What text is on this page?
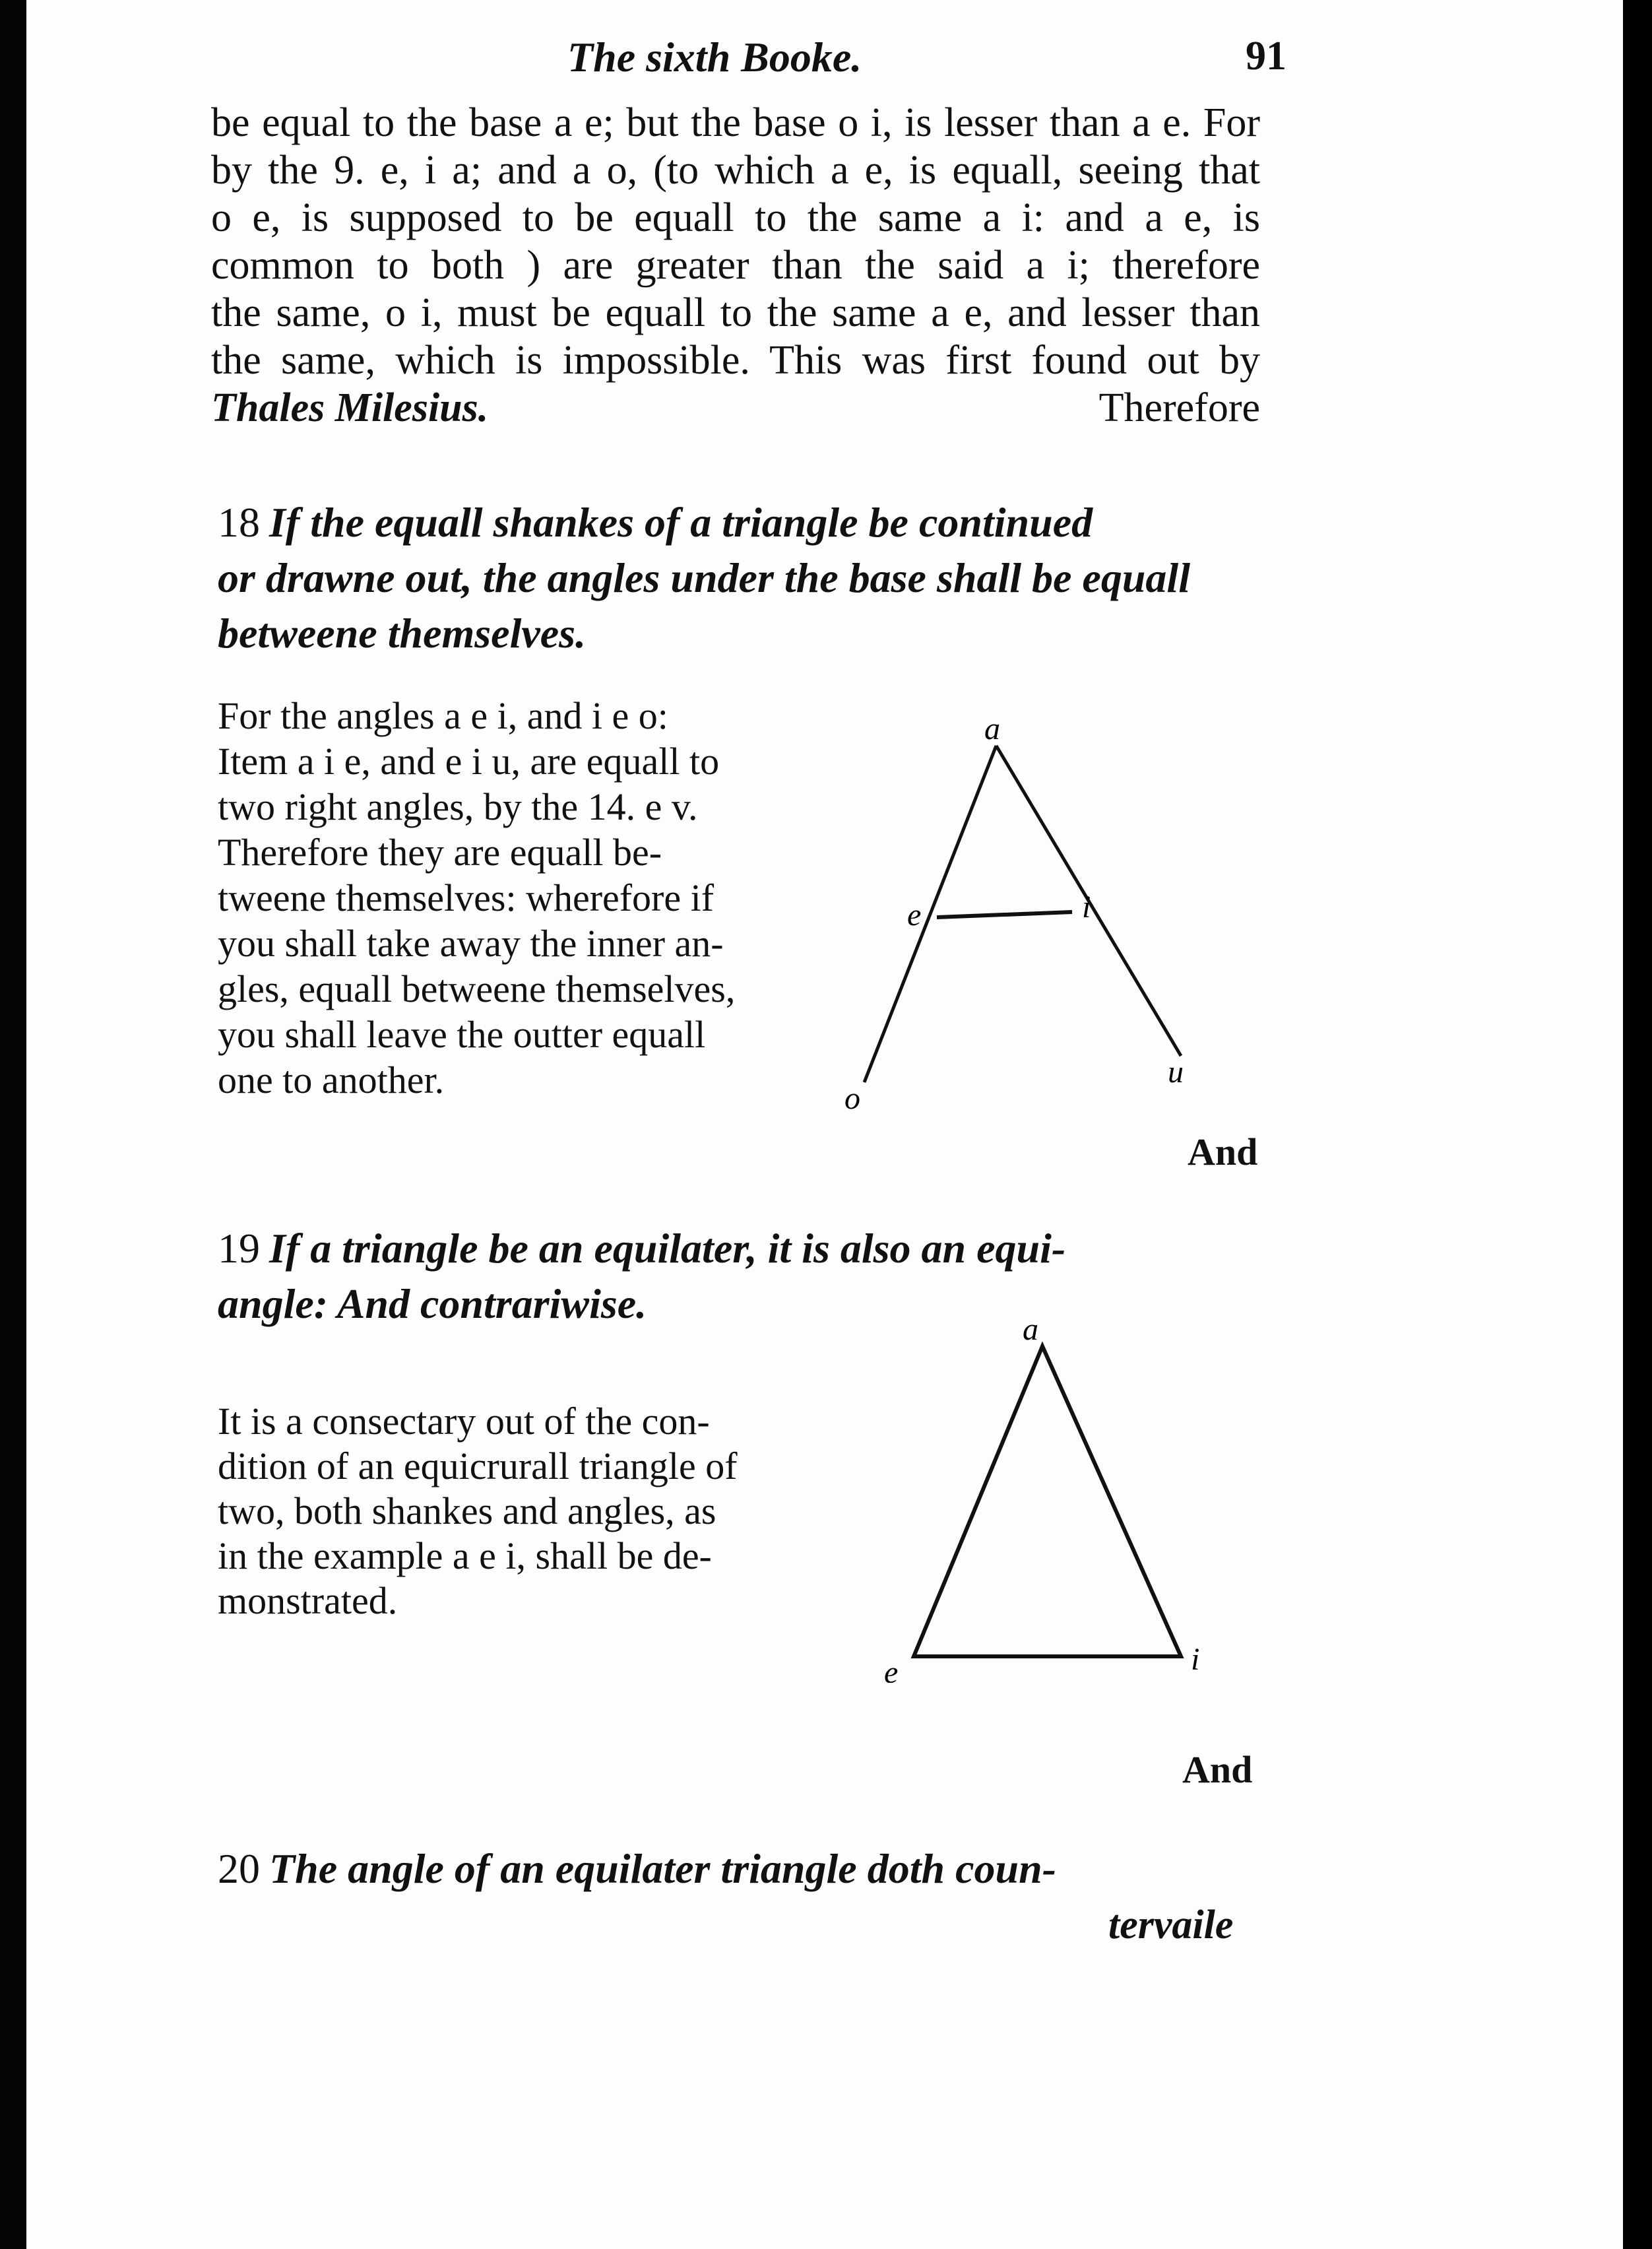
The sixth Booke.	91

be equal to the base a e; but the base o i, is lesser than a e. For

by the 9. e, i a; and a o, (to which a e, is equall, seeing that

o e, is supposed to be equall to the same a i: and a e, is

common to both ) are greater than the said a i; therefore

the same, o i, must be equall to the same a e, and lesser than

the same, which is impossible. This was first found out by

Thales Milesius.	Therefore

18 If the equall shankes of a triangle be continued
or drawne out, the angles under the base shall be equall
betweene themselves.

For the angles a e i, and i e o:

Item a i e, and e i u, are equall to

two right angles, by the 14. e v.

Therefore they are equall be-

tweene themselves: wherefore if

you shall take away the inner an-

gles, equall betweene themselves,

you shall leave the outter equall

one to another.

a
e	i
o
u
And
19 If a triangle be an equilater, it is also an equi-
angle: And contrariwise.

It is a consectary out of the con-

dition of an equicrurall triangle of

two, both shankes and angles, as

in the example a e i, shall be de-

monstrated.

a
e	i
And
20 The angle of an equilater triangle doth coun-
tervaile
